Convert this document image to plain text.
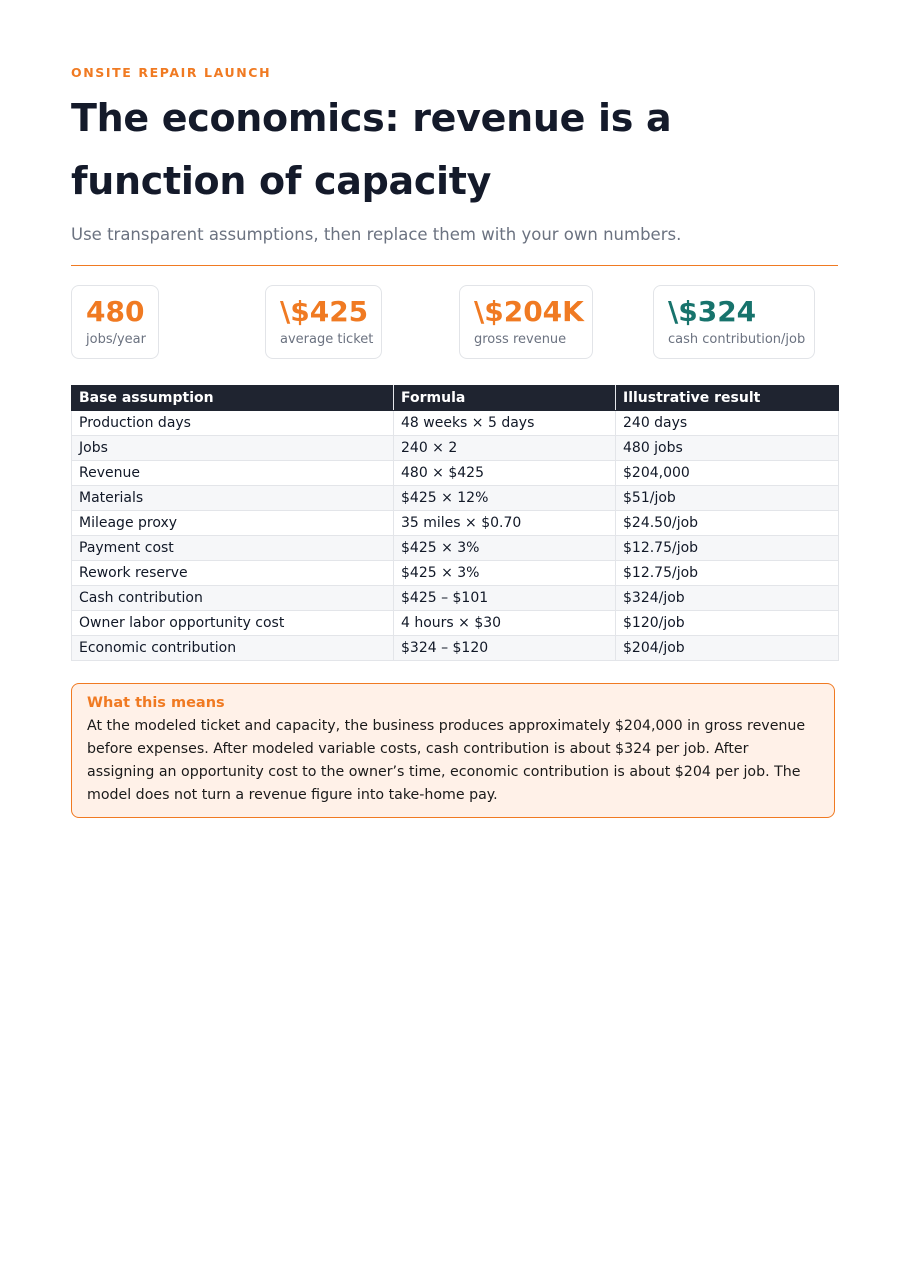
ONSITE REPAIR LAUNCH

The economics: revenue is a function of capacity

Use transparent assumptions, then replace them with your own numbers.

480
jobs/year
\$425
average ticket
\$204K
gross revenue
\$324
cash contribution/job
Base assumption	Formula	Illustrative result
Production days	48 weeks × 5 days	240 days
Jobs	240 × 2	480 jobs
Revenue	480 × $425	$204,000
Materials	$425 × 12%	$51/job
Mileage proxy	35 miles × $0.70	$24.50/job
Payment cost	$425 × 3%	$12.75/job
Rework reserve	$425 × 3%	$12.75/job
Cash contribution	$425 – $101	$324/job
Owner labor opportunity cost	4 hours × $30	$120/job
Economic contribution	$324 – $120	$204/job
What this means
At the modeled ticket and capacity, the business produces approximately $204,000 in gross revenue before expenses. After modeled variable costs, cash contribution is about $324 per job. After assigning an opportunity cost to the owner’s time, economic contribution is about $204 per job. The model does not turn a revenue figure into take-home pay.
